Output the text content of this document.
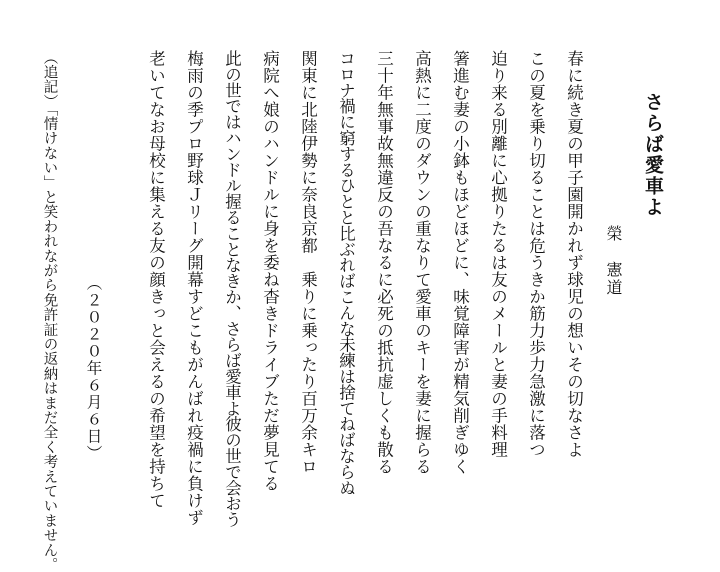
さらば愛車よ
榮　憲道
春に続き夏の甲子園開かれず球児の想いその切なさよ
この夏を乗り切ることは危うきか筋力歩力急激に落つ
迫り来る別離に心拠りたるは友のメールと妻の手料理
箸進む妻の小鉢もほどほどに、味覚障害が精気削ぎゆく
高熱に二度のダウンの重なりて愛車のキーを妻に握らる
三十年無事故無違反の吾なるに必死の抵抗虚しくも散る
コロナ禍に窮するひとと比ぶればこんな未練は捨てねばならぬ
関東に北陸伊勢に奈良京都　乗りに乗ったり百万余キロ
病院へ娘のハンドルに身を委ね杳きドライブただ夢見てる
此の世ではハンドル握ることなきか、さらば愛車よ彼の世で会おう
梅雨の季プロ野球Ｊリーグ開幕すどこもがんばれ疫禍に負けず
老いてなお母校に集える友の顔きっと会えるの希望を持ちて
（２０２０年６月６日）
（追記）「情けない」と笑われながら免許証の返納はまだ全く考えていません。
